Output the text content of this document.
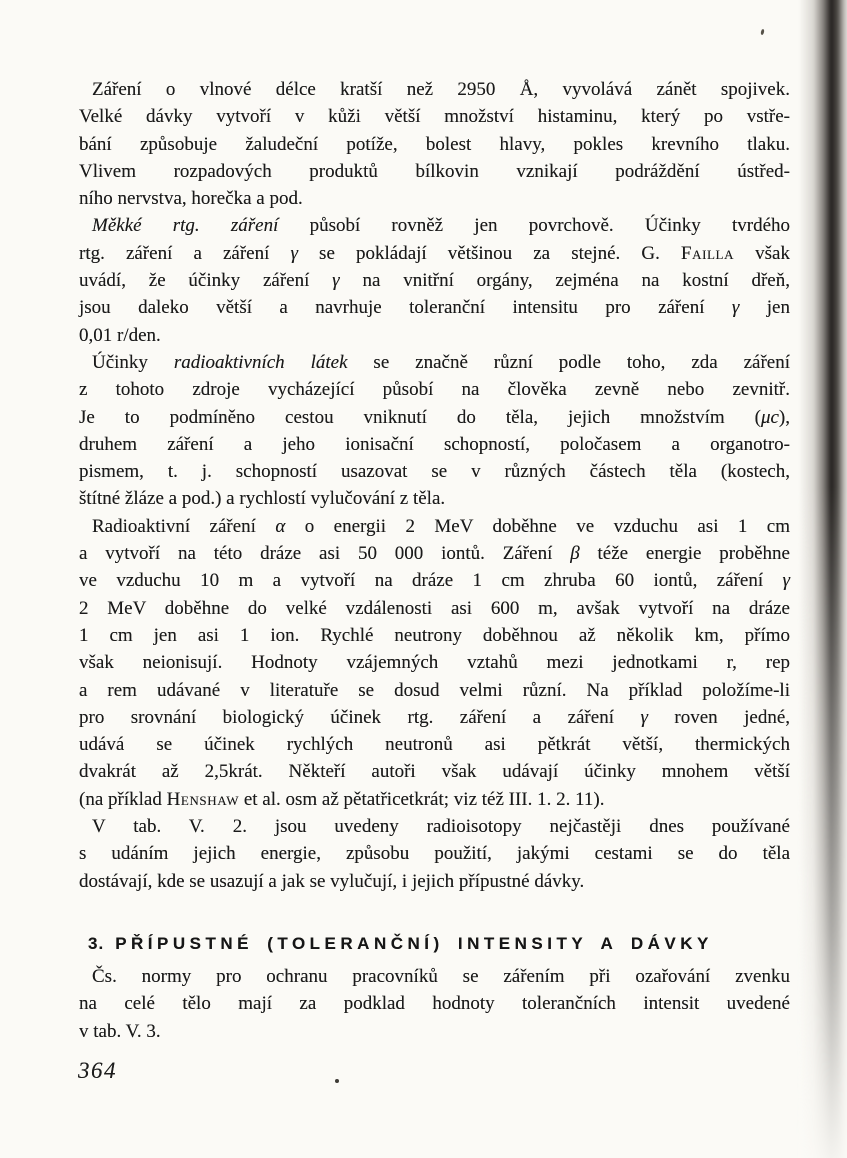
Záření o vlnové délce kratší než 2950 Å, vyvolává zánět spojivek.
Velké dávky vytvoří v kůži větší množství histaminu, který po vstře-
bání způsobuje žaludeční potíže, bolest hlavy, pokles krevního tlaku.
Vlivem rozpadových produktů bílkovin vznikají podráždění ústřed-
ního nervstva, horečka a pod.
Měkké rtg. záření působí rovněž jen povrchově. Účinky tvrdého
rtg. záření a záření γ se pokládají většinou za stejné. G. Failla však
uvádí, že účinky záření γ na vnitřní orgány, zejména na kostní dřeň,
jsou daleko větší a navrhuje toleranční intensitu pro záření γ jen
0,01 r/den.
Účinky radioaktivních látek se značně různí podle toho, zda záření
z tohoto zdroje vycházející působí na člověka zevně nebo zevnitř.
Je to podmíněno cestou vniknutí do těla, jejich množstvím (μc),
druhem záření a jeho ionisační schopností, poločasem a organotro-
pismem, t. j. schopností usazovat se v různých částech těla (kostech,
štítné žláze a pod.) a rychlostí vylučování z těla.
Radioaktivní záření α o energii 2 MeV doběhne ve vzduchu asi 1 cm
a vytvoří na této dráze asi 50 000 iontů. Záření β téže energie proběhne
ve vzduchu 10 m a vytvoří na dráze 1 cm zhruba 60 iontů, záření γ
2 MeV doběhne do velké vzdálenosti asi 600 m, avšak vytvoří na dráze
1 cm jen asi 1 ion. Rychlé neutrony doběhnou až několik km, přímo
však neionisují. Hodnoty vzájemných vztahů mezi jednotkami r, rep
a rem udávané v literatuře se dosud velmi různí. Na příklad položíme-li
pro srovnání biologický účinek rtg. záření a záření γ roven jedné,
udává se účinek rychlých neutronů asi pětkrát větší, thermických
dvakrát až 2,5krát. Někteří autoři však udávají účinky mnohem větší
(na příklad Henshaw et al. osm až pětatřicetkrát; viz též III. 1. 2. 11).
V tab. V. 2. jsou uvedeny radioisotopy nejčastěji dnes používané
s udáním jejich energie, způsobu použití, jakými cestami se do těla
dostávají, kde se usazují a jak se vylučují, i jejich přípustné dávky.
3. PŘÍPUSTNÉ (TOLERANČNÍ) INTENSITY A DÁVKY
Čs. normy pro ochranu pracovníků se zářením při ozařování zvenku
na celé tělo mají za podklad hodnoty tolerančních intensit uvedené
v tab. V. 3.
364
